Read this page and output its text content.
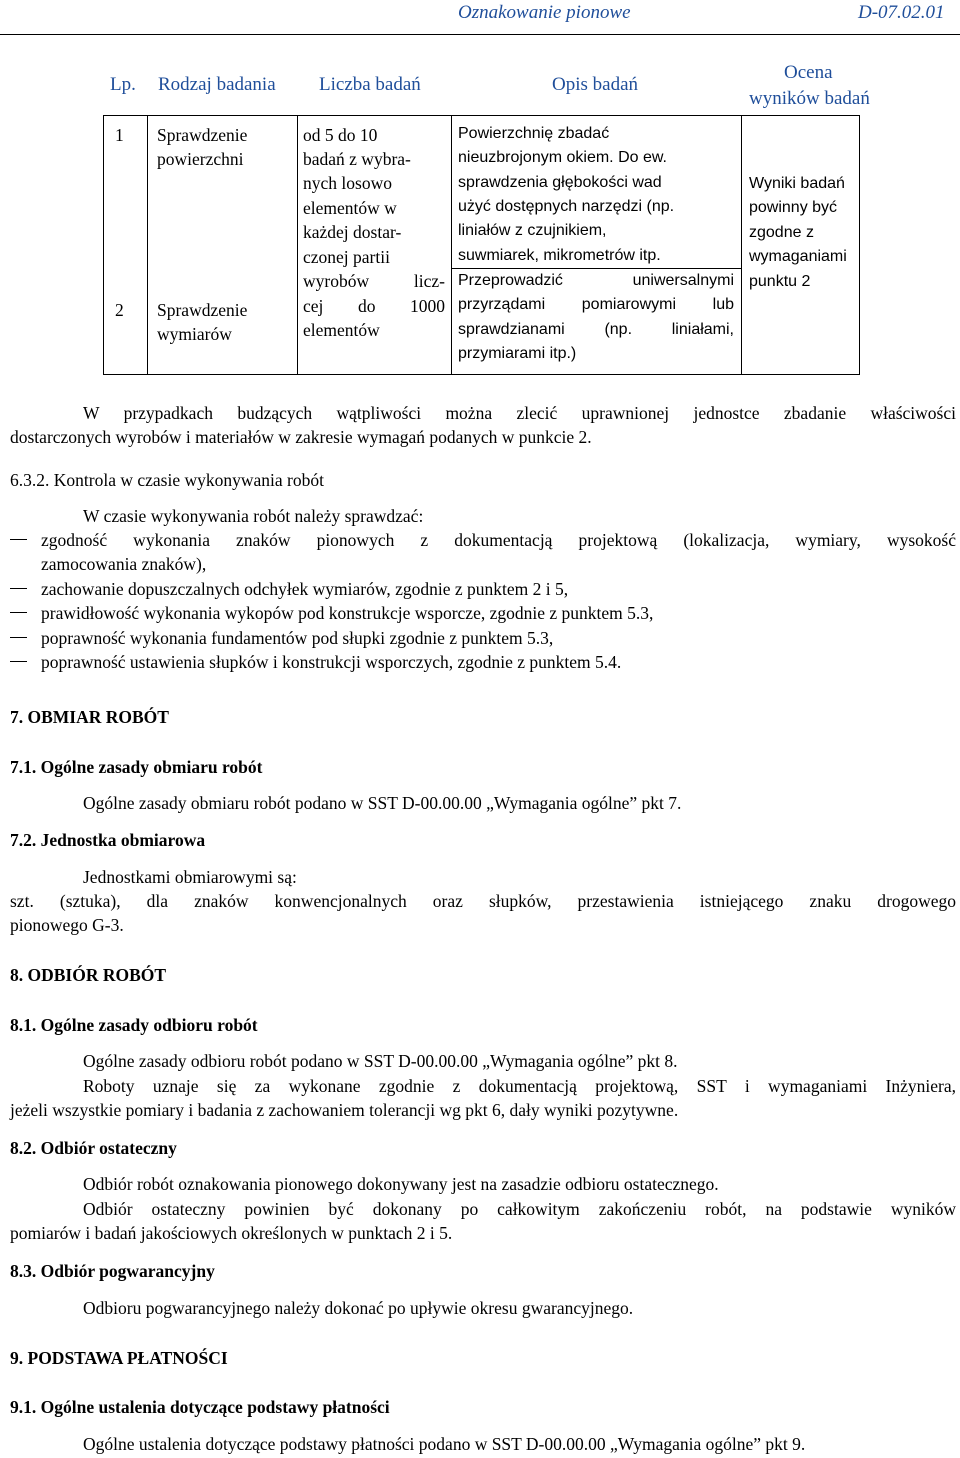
Oznakowanie pionowe	D-07.02.01
Lp. Rodzaj badania Liczba badań	Opis badań
Ocena
wyników badań
1 Sprawdzenie
powierzchni
2 Sprawdzenie
wymiarów
od 5 do 10
badań z wybra-
nych losowo
elementów w
każdej dostar-
czonej partii
wyrobów licz-
cej do 1000
elementów
Powierzchnię zbadać
nieuzbrojonym okiem. Do ew.
sprawdzenia głębokości wad
użyć dostępnych narzędzi (np.
liniałów z czujnikiem,
suwmiarek, mikrometrów itp.
Przeprowadzić uniwersalnymi
przyrządami pomiarowymi lub
sprawdzianami (np. liniałami,
przymiarami itp.)
Wyniki badań
powinny być
zgodne z
wymaganiami
punktu 2
W przypadkach budzących wątpliwości można zlecić uprawnionej jednostce zbadanie właściwości
dostarczonych wyrobów i materiałów w zakresie wymagań podanych w punkcie 2.
6.3.2. Kontrola w czasie wykonywania robót
W czasie wykonywania robót należy sprawdzać:
zgodność wykonania znaków pionowych z dokumentacją projektową (lokalizacja, wymiary, wysokość
zamocowania znaków),
zachowanie dopuszczalnych odchyłek wymiarów, zgodnie z punktem 2 i 5,
prawidłowość wykonania wykopów pod konstrukcje wsporcze, zgodnie z punktem 5.3,
poprawność wykonania fundamentów pod słupki zgodnie z punktem 5.3,
poprawność ustawienia słupków i konstrukcji wsporczych, zgodnie z punktem 5.4.
7. OBMIAR ROBÓT
7.1. Ogólne zasady obmiaru robót
Ogólne zasady obmiaru robót podano w SST D-00.00.00 „Wymagania ogólne” pkt 7.
7.2. Jednostka obmiarowa
Jednostkami obmiarowymi są:
szt. (sztuka), dla znaków konwencjonalnych oraz słupków, przestawienia istniejącego znaku drogowego
pionowego G-3.
8. ODBIÓR ROBÓT
8.1. Ogólne zasady odbioru robót
Ogólne zasady odbioru robót podano w SST D-00.00.00 „Wymagania ogólne” pkt 8.
Roboty uznaje się za wykonane zgodnie z dokumentacją projektową, SST i wymaganiami Inżyniera,
jeżeli wszystkie pomiary i badania z zachowaniem tolerancji wg pkt 6, dały wyniki pozytywne.
8.2. Odbiór ostateczny
Odbiór robót oznakowania pionowego dokonywany jest na zasadzie odbioru ostatecznego.
Odbiór ostateczny powinien być dokonany po całkowitym zakończeniu robót, na podstawie wyników
pomiarów i badań jakościowych określonych w punktach 2 i 5.
8.3. Odbiór pogwarancyjny
Odbioru pogwarancyjnego należy dokonać po upływie okresu gwarancyjnego.
9. PODSTAWA PŁATNOŚCI
9.1. Ogólne ustalenia dotyczące podstawy płatności
Ogólne ustalenia dotyczące podstawy płatności podano w SST D-00.00.00 „Wymagania ogólne” pkt 9.
